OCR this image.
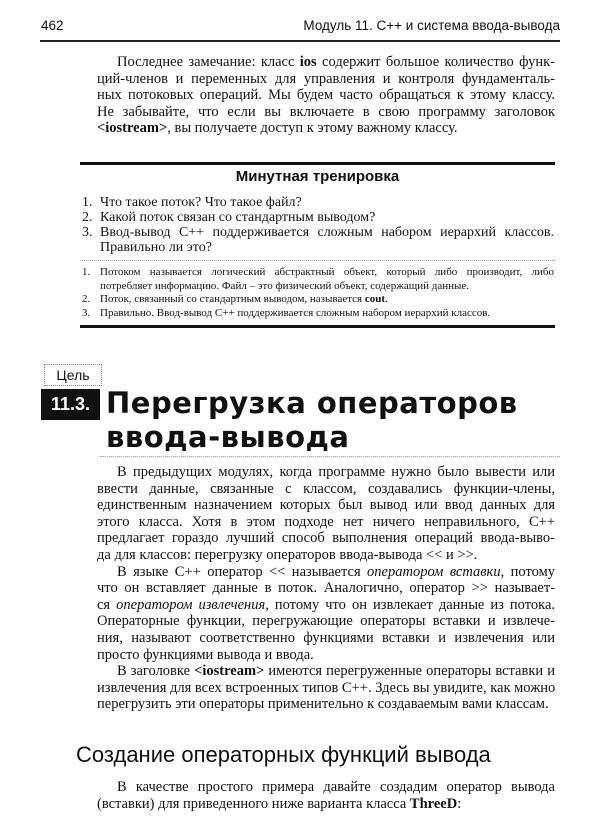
462	Модуль 11. С++ и система ввода-вывода
Последнее замечание: класс ios содержит большое количество функ-
ций-членов и переменных для управления и контроля фундаменталь-
ных потоковых операций. Мы будем часто обращаться к этому классу.
Не забывайте, что если вы включаете в свою программу заголовок
<iostream>, вы получаете доступ к этому важному классу.
Минутная тренировка
1. Что такое поток? Что такое файл?
2. Какой поток связан со стандартным выводом?
3. Ввод-вывод С++ поддерживается сложным набором иерархий классов.
Правильно ли это?
1. Потоком называется логический абстрактный объект, который либо производит, либо
потребляет информацию. Файл – это физический объект, содержащий данные.
2. Поток, связанный со стандартным выводом, называется cout.
3. Правильно. Ввод-вывод С++ поддерживается сложным набором иерархий классов.
Цель
11.3. Перегрузка операторов
ввода-вывода
В предыдущих модулях, когда программе нужно было вывести или
ввести данные, связанные с классом, создавались функции-члены,
единственным назначением которых был вывод или ввод данных для
этого класса. Хотя в этом подходе нет ничего неправильного, С++
предлагает гораздо лучший способ выполнения операций ввода-выво-
да для классов: перегрузку операторов ввода-вывода << и >>.
В языке С++ оператор << называется оператором вставки, потому
что он вставляет данные в поток. Аналогично, оператор >> называет-
ся оператором извлечения, потому что он извлекает данные из потока.
Операторные функции, перегружающие операторы вставки и извлече-
ния, называют соответственно функциями вставки и извлечения или
просто функциями вывода и ввода.
В заголовке <iostream> имеются перегруженные операторы вставки и
извлечения для всех встроенных типов С++. Здесь вы увидите, как можно
перегрузить эти операторы применительно к создаваемым вами классам.
Создание операторных функций вывода
В качестве простого примера давайте создадим оператор вывода
(вставки) для приведенного ниже варианта класса ThreeD:
